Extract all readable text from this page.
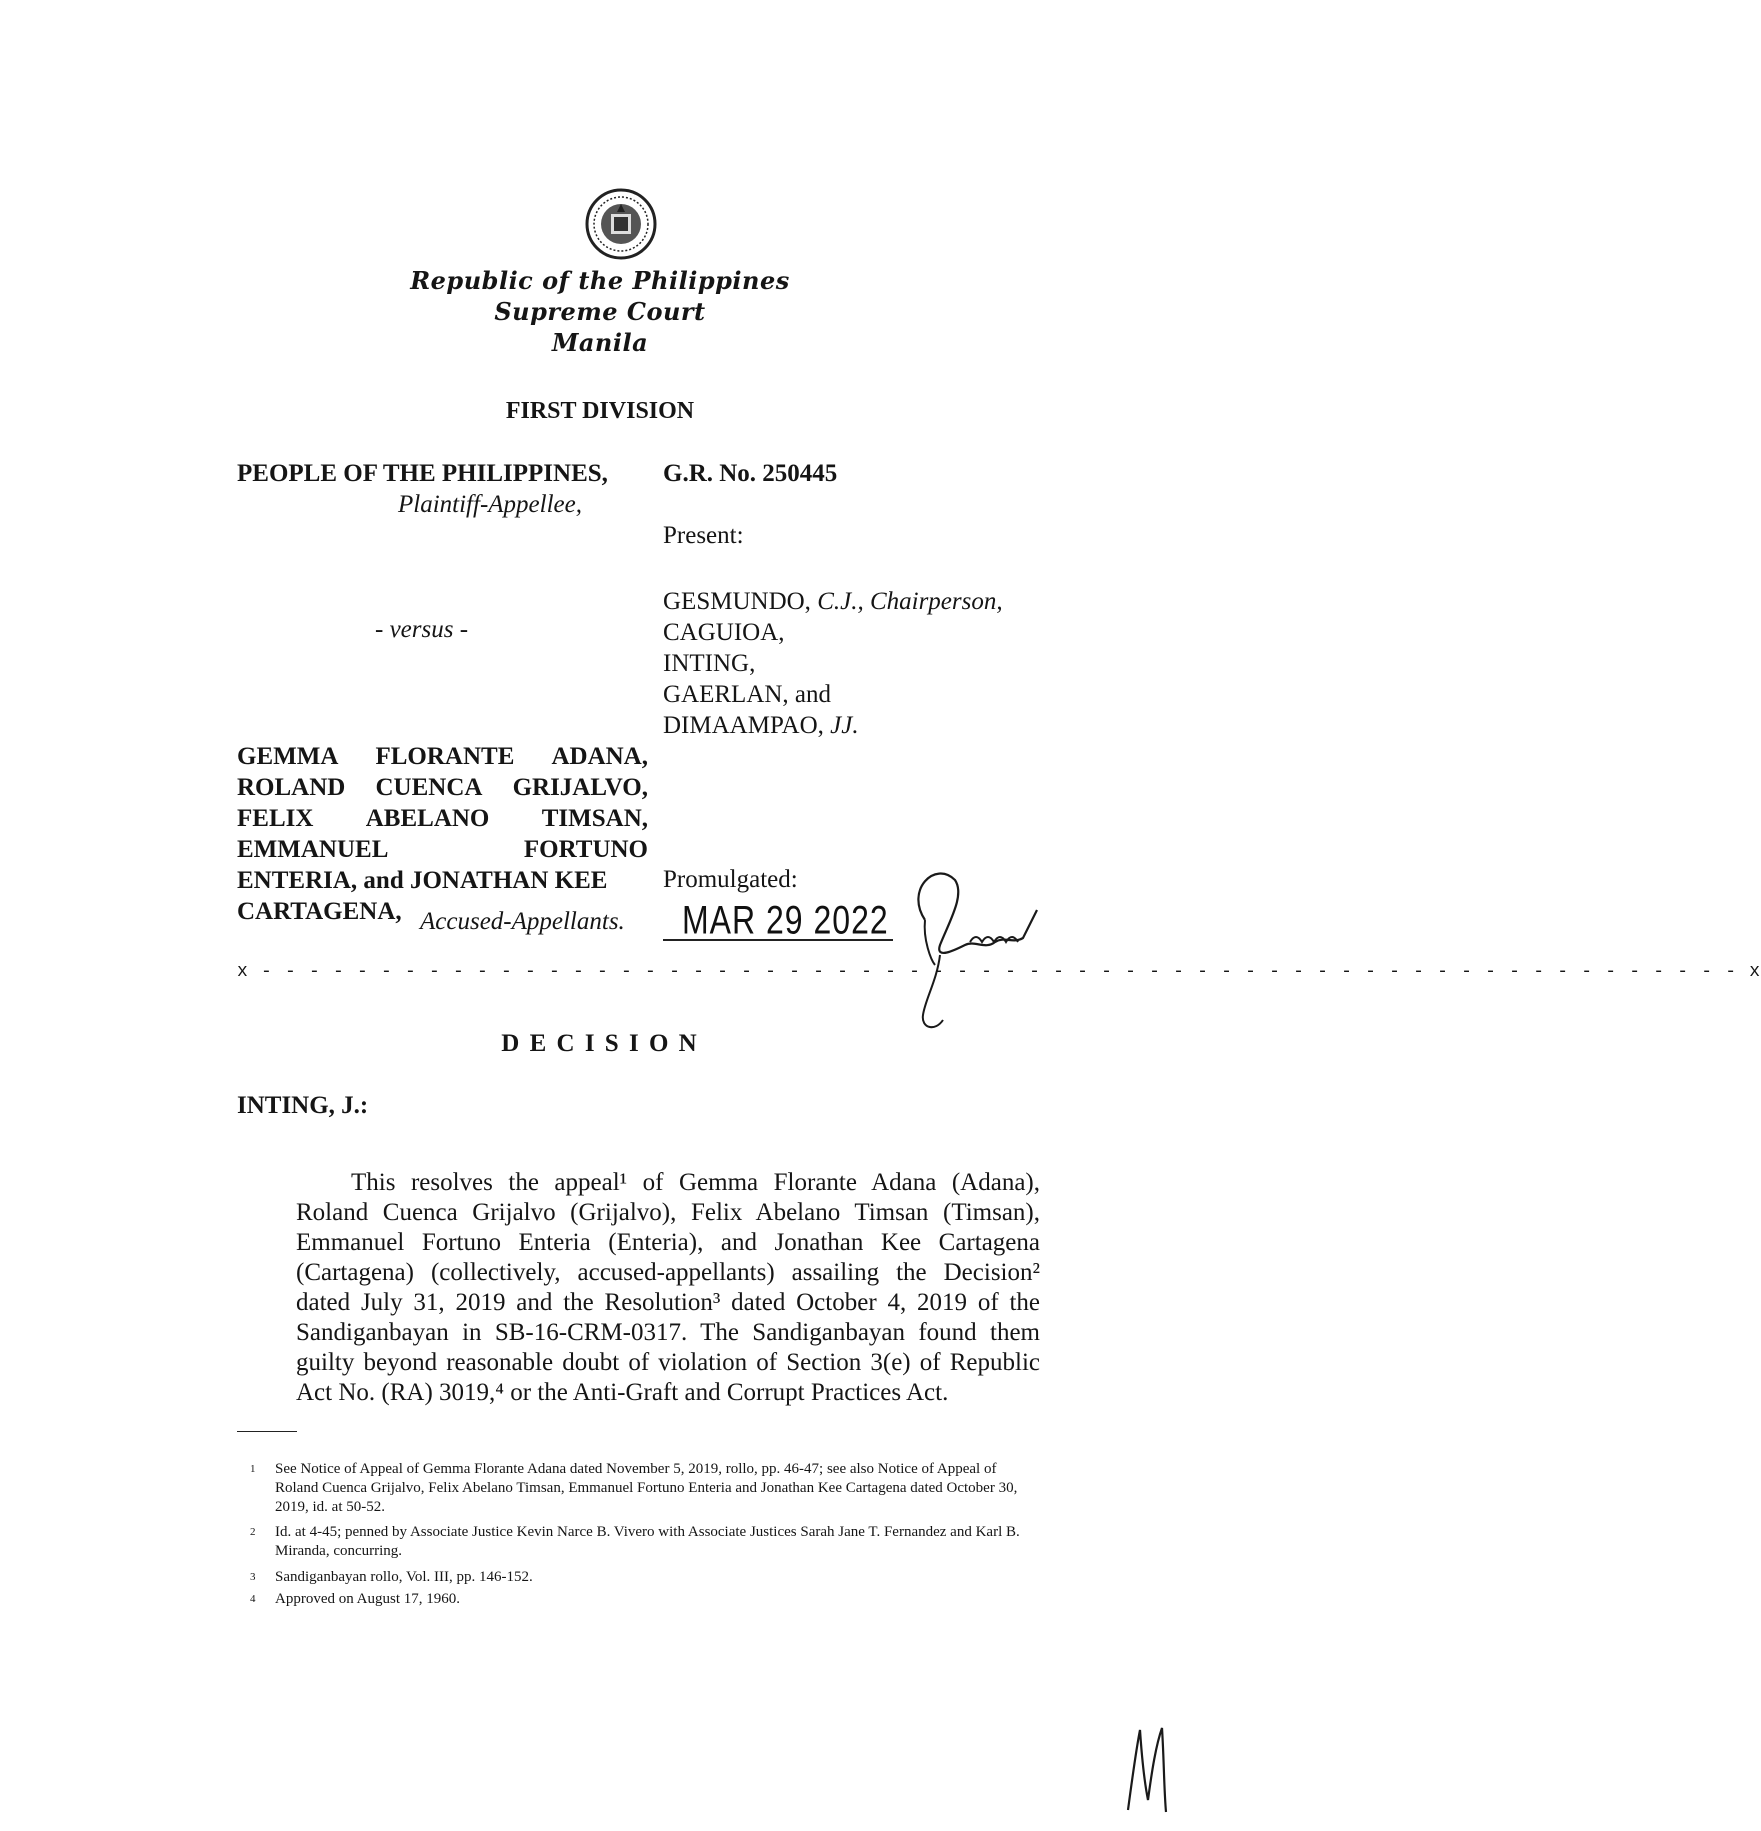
Republic of the Philippines
Supreme Court
Manila
FIRST DIVISION
PEOPLE OF THE PHILIPPINES,
Plaintiff-Appellee,
G.R. No. 250445
Present:
- versus -
GESMUNDO, C.J., Chairperson,
CAGUIOA,
INTING,
GAERLAN, and
DIMAAMPAO, JJ.
GEMMA FLORANTE ADANA,
ROLAND CUENCA GRIJALVO,
FELIX ABELANO TIMSAN,
EMMANUEL	FORTUNO
ENTERIA, and JONATHAN KEE
CARTAGENA, Accused-Appellants.
Promulgated:
MAR 29 2022
x - - - - - - - - - - - - - - - - - - - - - - - - - - - - - - - - - - - - - - - - - - - - - - - - - - - - - - - - - - - - - - x
D E C I S I O N
INTING, J.:
This resolves the appeal¹ of Gemma Florante Adana (Adana),
Roland Cuenca Grijalvo (Grijalvo), Felix Abelano Timsan (Timsan),
Emmanuel Fortuno Enteria (Enteria), and Jonathan Kee Cartagena
(Cartagena) (collectively, accused-appellants) assailing the Decision²
dated July 31, 2019 and the Resolution³ dated October 4, 2019 of the
Sandiganbayan in SB-16-CRM-0317. The Sandiganbayan found them
guilty beyond reasonable doubt of violation of Section 3(e) of Republic
Act No. (RA) 3019,⁴ or the Anti-Graft and Corrupt Practices Act.
1 See Notice of Appeal of Gemma Florante Adana dated November 5, 2019, rollo, pp. 46-47; see also Notice of Appeal of Roland Cuenca Grijalvo, Felix Abelano Timsan, Emmanuel Fortuno Enteria and Jonathan Kee Cartagena dated October 30, 2019, id. at 50-52.
2 Id. at 4-45; penned by Associate Justice Kevin Narce B. Vivero with Associate Justices Sarah Jane T. Fernandez and Karl B. Miranda, concurring.
3 Sandiganbayan rollo, Vol. III, pp. 146-152.
4 Approved on August 17, 1960.
